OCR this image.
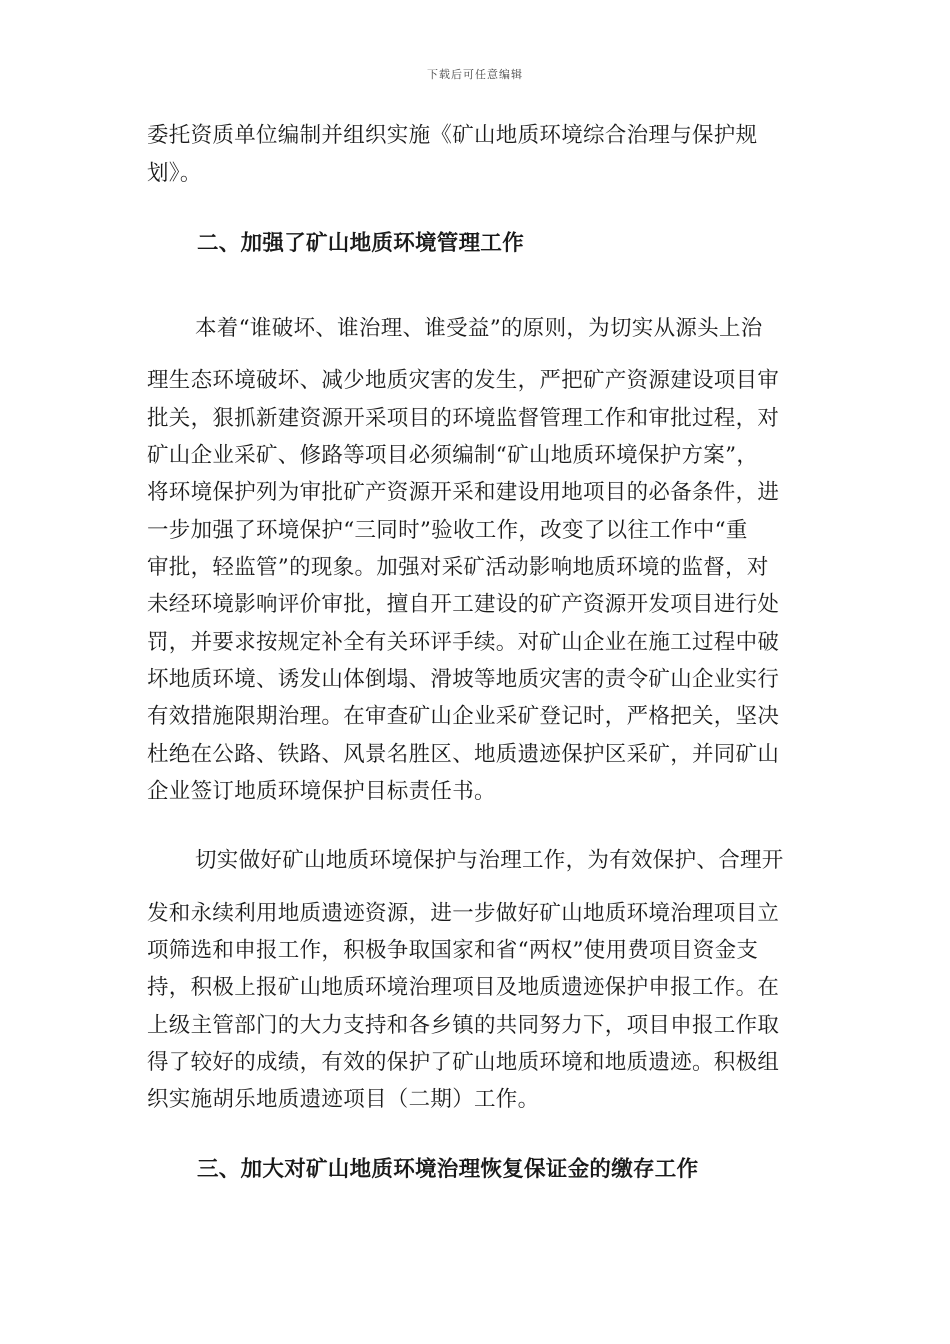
下载后可任意编辑
委托资质单位编制并组织实施《矿山地质环境综合治理与保护规
划》。
二、加强了矿山地质环境管理工作
本着“谁破坏、谁治理、谁受益”的原则，为切实从源头上治
理生态环境破坏、减少地质灾害的发生，严把矿产资源建设项目审
批关，狠抓新建资源开采项目的环境监督管理工作和审批过程，对
矿山企业采矿、修路等项目必须编制“矿山地质环境保护方案”，
将环境保护列为审批矿产资源开采和建设用地项目的必备条件，进
一步加强了环境保护“三同时”验收工作，改变了以往工作中“重
审批，轻监管”的现象。加强对采矿活动影响地质环境的监督，对
未经环境影响评价审批，擅自开工建设的矿产资源开发项目进行处
罚，并要求按规定补全有关环评手续。对矿山企业在施工过程中破
坏地质环境、诱发山体倒塌、滑坡等地质灾害的责令矿山企业实行
有效措施限期治理。在审查矿山企业采矿登记时，严格把关，坚决
杜绝在公路、铁路、风景名胜区、地质遗迹保护区采矿，并同矿山
企业签订地质环境保护目标责任书。
切实做好矿山地质环境保护与治理工作，为有效保护、合理开
发和永续利用地质遗迹资源，进一步做好矿山地质环境治理项目立
项筛选和申报工作，积极争取国家和省“两权”使用费项目资金支
持，积极上报矿山地质环境治理项目及地质遗迹保护申报工作。在
上级主管部门的大力支持和各乡镇的共同努力下，项目申报工作取
得了较好的成绩，有效的保护了矿山地质环境和地质遗迹。积极组
织实施胡乐地质遗迹项目（二期）工作。
三、加大对矿山地质环境治理恢复保证金的缴存工作
